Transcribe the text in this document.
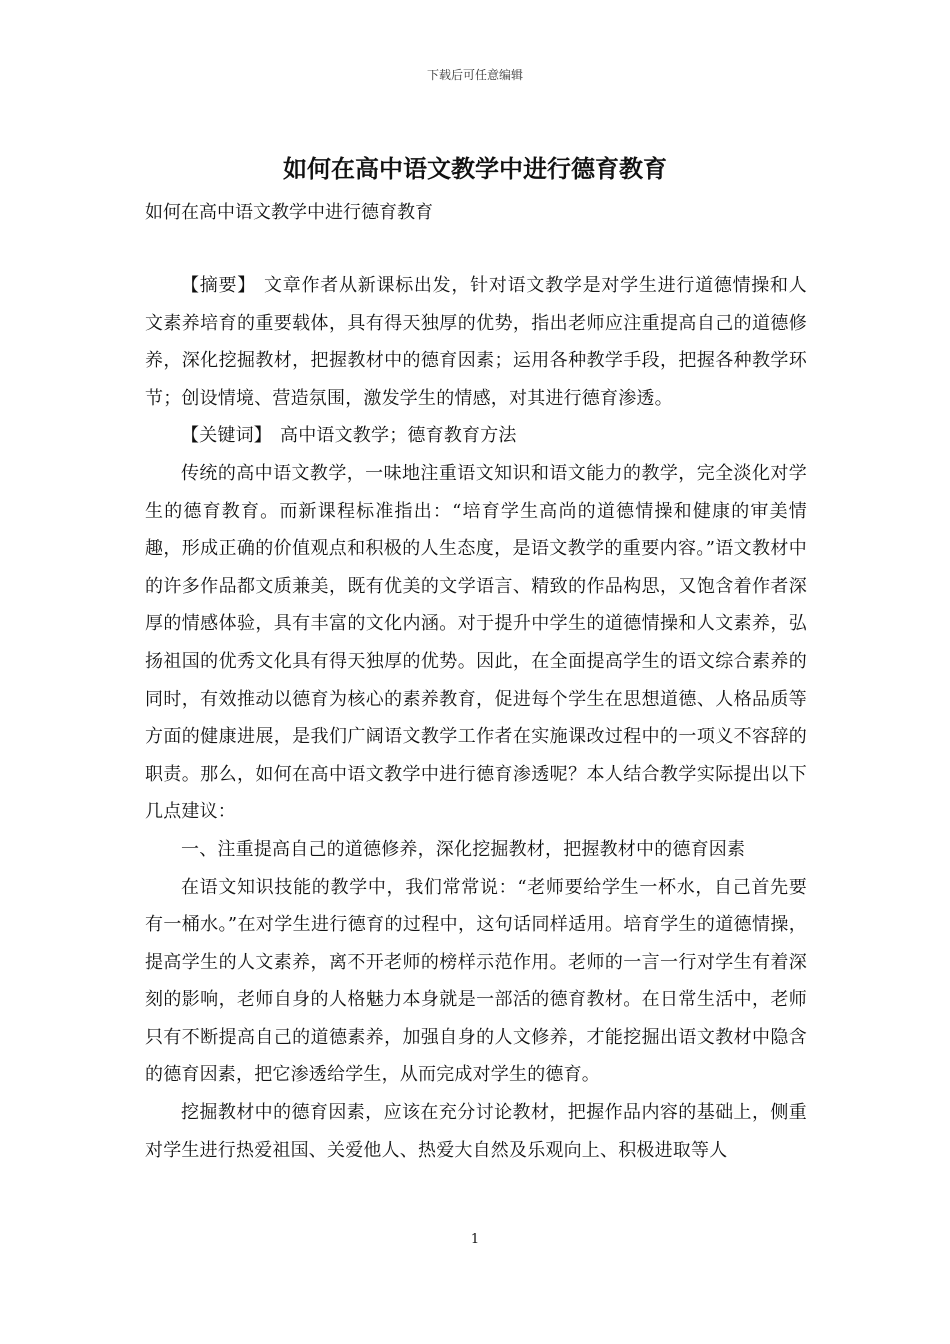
下载后可任意编辑
如何在高中语文教学中进行德育教育

如何在高中语文教学中进行德育教育

【摘要】 文章作者从新课标出发，针对语文教学是对学生进行道德情操和人文素养培育的重要载体，具有得天独厚的优势，指出老师应注重提高自己的道德修养，深化挖掘教材，把握教材中的德育因素；运用各种教学手段，把握各种教学环节；创设情境、营造氛围，激发学生的情感，对其进行德育渗透。

【关键词】 高中语文教学；德育教育方法

传统的高中语文教学，一味地注重语文知识和语文能力的教学，完全淡化对学生的德育教育。而新课程标准指出：“培育学生高尚的道德情操和健康的审美情趣，形成正确的价值观点和积极的人生态度，是语文教学的重要内容。”语文教材中的许多作品都文质兼美，既有优美的文学语言、精致的作品构思，又饱含着作者深厚的情感体验，具有丰富的文化内涵。对于提升中学生的道德情操和人文素养，弘扬祖国的优秀文化具有得天独厚的优势。因此，在全面提高学生的语文综合素养的同时，有效推动以德育为核心的素养教育，促进每个学生在思想道德、人格品质等方面的健康进展，是我们广阔语文教学工作者在实施课改过程中的一项义不容辞的职责。那么，如何在高中语文教学中进行德育渗透呢？本人结合教学实际提出以下几点建议：

一、注重提高自己的道德修养，深化挖掘教材，把握教材中的德育因素

在语文知识技能的教学中，我们常常说：“老师要给学生一杯水，自己首先要有一桶水。”在对学生进行德育的过程中，这句话同样适用。培育学生的道德情操，提高学生的人文素养，离不开老师的榜样示范作用。老师的一言一行对学生有着深刻的影响，老师自身的人格魅力本身就是一部活的德育教材。在日常生活中，老师只有不断提高自己的道德素养，加强自身的人文修养，才能挖掘出语文教材中隐含的德育因素，把它渗透给学生，从而完成对学生的德育。

挖掘教材中的德育因素，应该在充分讨论教材，把握作品内容的基础上，侧重对学生进行热爱祖国、关爱他人、热爱大自然及乐观向上、积极进取等人

1
